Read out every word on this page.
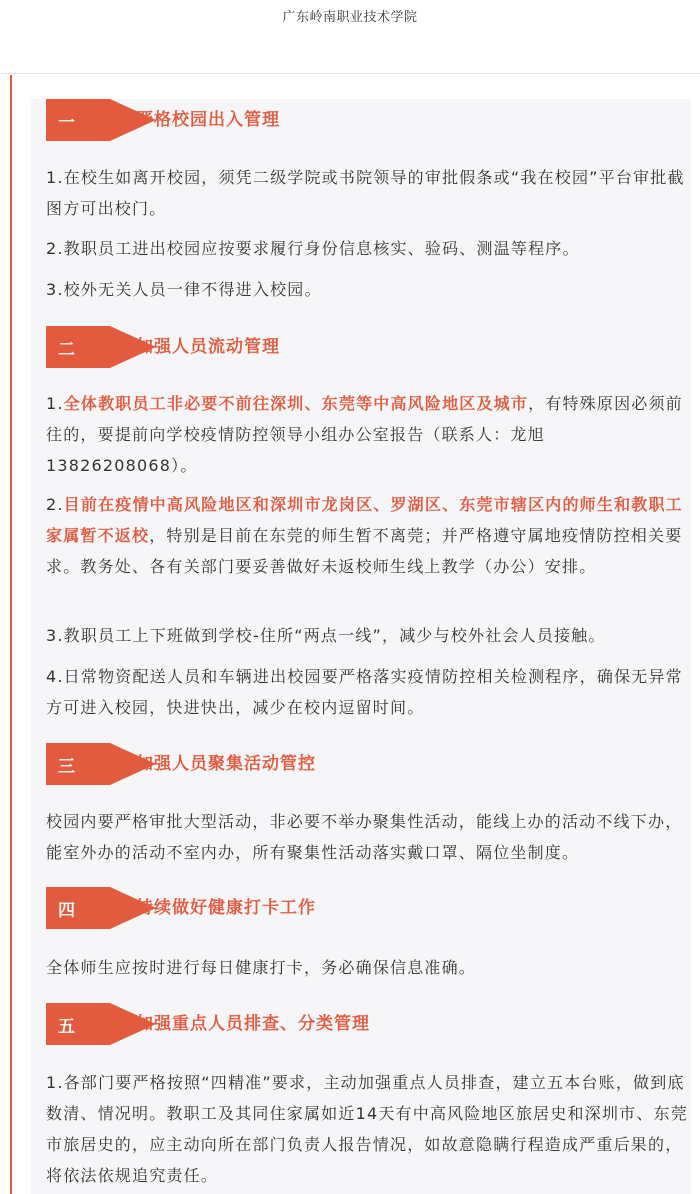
广东岭南职业技术学院
一	严格校园出入管理

1.在校生如离开校园，须凭二级学院或书院领导的审批假条或“我在校园”平台审批截图方可出校门。

2.教职员工进出校园应按要求履行身份信息核实、验码、测温等程序。

3.校外无关人员一律不得进入校园。

二	加强人员流动管理

1.全体教职员工非必要不前往深圳、东莞等中高风险地区及城市，有特殊原因必须前往的，要提前向学校疫情防控领导小组办公室报告（联系人：龙旭13826208068）。

2.目前在疫情中高风险地区和深圳市龙岗区、罗湖区、东莞市辖区内的师生和教职工家属暂不返校，特别是目前在东莞的师生暂不离莞；并严格遵守属地疫情防控相关要求。教务处、各有关部门要妥善做好未返校师生线上教学（办公）安排。

3.教职员工上下班做到学校-住所“两点一线”，减少与校外社会人员接触。

4.日常物资配送人员和车辆进出校园要严格落实疫情防控相关检测程序，确保无异常方可进入校园，快进快出，减少在校内逗留时间。

三	加强人员聚集活动管控

校园内要严格审批大型活动，非必要不举办聚集性活动，能线上办的活动不线下办，能室外办的活动不室内办，所有聚集性活动落实戴口罩、隔位坐制度。

四	持续做好健康打卡工作

全体师生应按时进行每日健康打卡，务必确保信息准确。

五	加强重点人员排查、分类管理

1.各部门要严格按照“四精准”要求，主动加强重点人员排查，建立五本台账，做到底数清、情况明。教职工及其同住家属如近14天有中高风险地区旅居史和深圳市、东莞市旅居史的，应主动向所在部门负责人报告情况，如故意隐瞒行程造成严重后果的，将依法依规追究责任。
